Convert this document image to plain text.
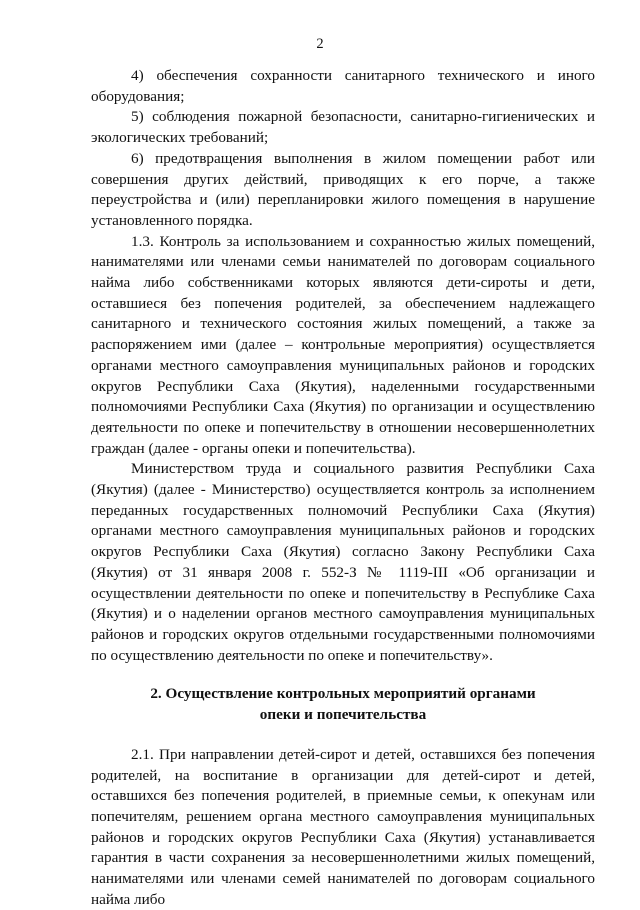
2

4) обеспечения сохранности санитарного технического и иного оборудования;

5) соблюдения пожарной безопасности, санитарно-гигиенических и экологических требований;

6) предотвращения выполнения в жилом помещении работ или совершения других действий, приводящих к его порче, а также переустройства и (или) перепланировки жилого помещения в нарушение установленного порядка.

1.3. Контроль за использованием и сохранностью жилых помещений, нанимателями или членами семьи нанимателей по договорам социального найма либо собственниками которых являются дети-сироты и дети, оставшиеся без попечения родителей, за обеспечением надлежащего санитарного и технического состояния жилых помещений, а также за распоряжением ими (далее – контрольные мероприятия) осуществляется органами местного самоуправления муниципальных районов и городских округов Республики Саха (Якутия), наделенными государственными полномочиями Республики Саха (Якутия) по организации и осуществлению деятельности по опеке и попечительству в отношении несовершеннолетних граждан (далее - органы опеки и попечительства).

Министерством труда и социального развития Республики Саха (Якутия) (далее - Министерство) осуществляется контроль за исполнением переданных государственных полномочий Республики Саха (Якутия) органами местного самоуправления муниципальных районов и городских округов Республики Саха (Якутия) согласно Закону Республики Саха (Якутия) от 31 января 2008 г. 552-З № 1119-III «Об организации и осуществлении деятельности по опеке и попечительству в Республике Саха (Якутия) и о наделении органов местного самоуправления муниципальных районов и городских округов отдельными государственными полномочиями по осуществлению деятельности по опеке и попечительству».

2. Осуществление контрольных мероприятий органами
опеки и попечительства

2.1. При направлении детей-сирот и детей, оставшихся без попечения родителей, на воспитание в организации для детей-сирот и детей, оставшихся без попечения родителей, в приемные семьи, к опекунам или попечителям, решением органа местного самоуправления муниципальных районов и городских округов Республики Саха (Якутия) устанавливается гарантия в части сохранения за несовершеннолетними жилых помещений, нанимателями или членами семей нанимателей по договорам социального найма либо
